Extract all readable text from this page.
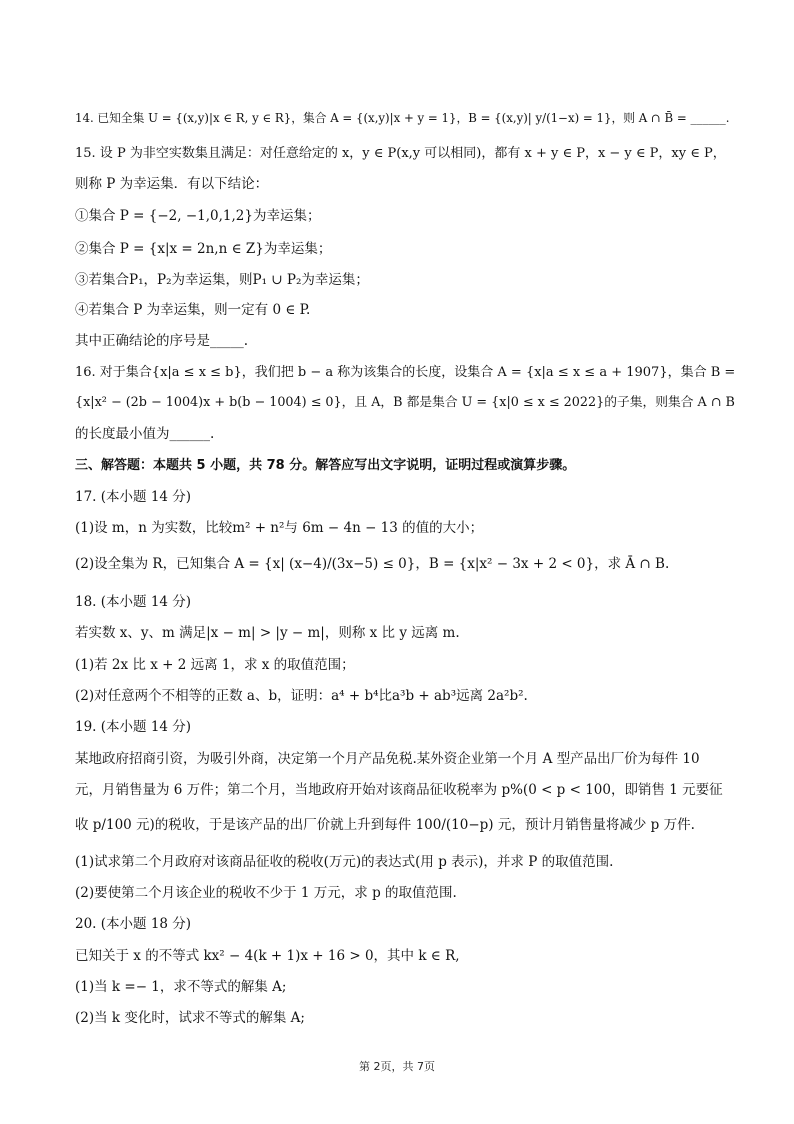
14. 已知全集 U = {(x,y)|x ∈ R, y ∈ R}，集合 A = {(x,y)|x + y = 1}，B = {(x,y)| y/(1−x) = 1}，则 A ∩ B̄ = ______.
15. 设 P 为非空实数集且满足：对任意给定的 x，y ∈ P(x,y 可以相同)，都有 x + y ∈ P，x − y ∈ P，xy ∈ P，
则称 P 为幸运集．有以下结论：
①集合 P = {−2, −1,0,1,2}为幸运集；
②集合 P = {x|x = 2n,n ∈ Z}为幸运集；
③若集合P₁，P₂为幸运集，则P₁ ∪ P₂为幸运集；
④若集合 P 为幸运集，则一定有 0 ∈ P.
其中正确结论的序号是_____.
16. 对于集合{x|a ≤ x ≤ b}，我们把 b − a 称为该集合的长度，设集合 A = {x|a ≤ x ≤ a + 1907}，集合 B =
{x|x² − (2b − 1004)x + b(b − 1004) ≤ 0}，且 A，B 都是集合 U = {x|0 ≤ x ≤ 2022}的子集，则集合 A ∩ B
的长度最小值为______.
三、解答题：本题共 5 小题，共 78 分。解答应写出文字说明，证明过程或演算步骤。
17. (本小题 14 分)
(1)设 m，n 为实数，比较m² + n²与 6m − 4n − 13 的值的大小；
(2)设全集为 R，已知集合 A = {x| (x−4)/(3x−5) ≤ 0}，B = {x|x² − 3x + 2 < 0}，求 Ā ∩ B.
18. (本小题 14 分)
若实数 x、y、m 满足|x − m| > |y − m|，则称 x 比 y 远离 m.
(1)若 2x 比 x + 2 远离 1，求 x 的取值范围；
(2)对任意两个不相等的正数 a、b，证明：a⁴ + b⁴比a³b + ab³远离 2a²b².
19. (本小题 14 分)
某地政府招商引资，为吸引外商，决定第一个月产品免税.某外资企业第一个月 A 型产品出厂价为每件 10
元，月销售量为 6 万件；第二个月，当地政府开始对该商品征收税率为 p%(0 < p < 100，即销售 1 元要征
收 p/100 元)的税收，于是该产品的出厂价就上升到每件 100/(10−p) 元，预计月销售量将减少 p 万件.
(1)试求第二个月政府对该商品征收的税收(万元)的表达式(用 p 表示)，并求 P 的取值范围.
(2)要使第二个月该企业的税收不少于 1 万元，求 p 的取值范围.
20. (本小题 18 分)
已知关于 x 的不等式 kx² − 4(k + 1)x + 16 > 0，其中 k ∈ R,
(1)当 k =− 1，求不等式的解集 A;
(2)当 k 变化时，试求不等式的解集 A;
第 2页，共 7页
